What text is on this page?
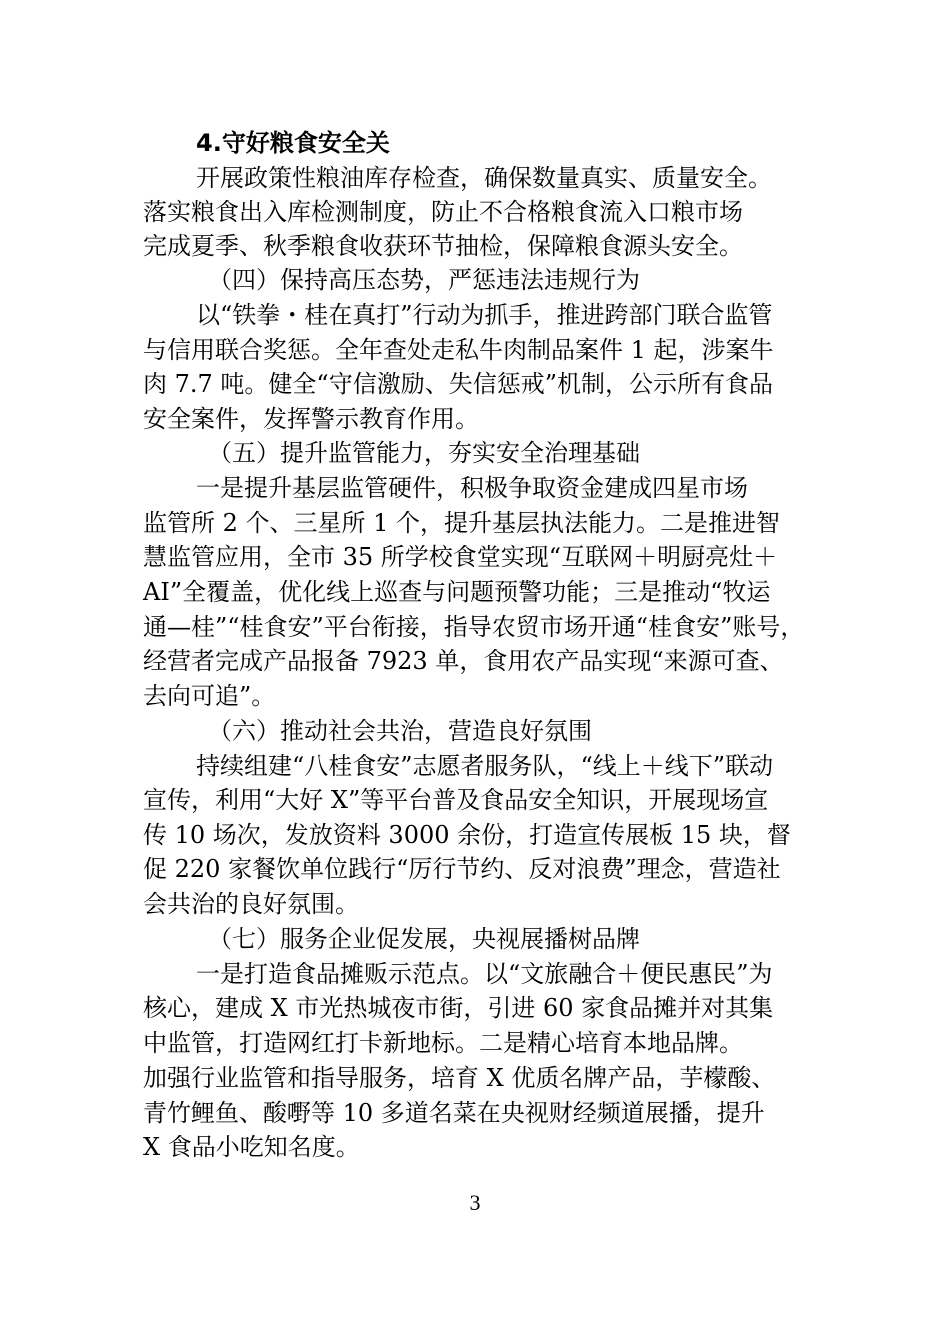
4.守好粮食安全关
开展政策性粮油库存检查，确保数量真实、质量安全。
落实粮食出入库检测制度，防止不合格粮食流入口粮市场
完成夏季、秋季粮食收获环节抽检，保障粮食源头安全。
（四）保持高压态势，严惩违法违规行为
以“铁拳・桂在真打”行动为抓手，推进跨部门联合监管
与信用联合奖惩。全年查处走私牛肉制品案件 1 起，涉案牛
肉 7.7 吨。健全“守信激励、失信惩戒”机制，公示所有食品
安全案件，发挥警示教育作用。
（五）提升监管能力，夯实安全治理基础
一是提升基层监管硬件，积极争取资金建成四星市场
监管所 2 个、三星所 1 个，提升基层执法能力。二是推进智
慧监管应用，全市 35 所学校食堂实现“互联网＋明厨亮灶＋
AI”全覆盖，优化线上巡查与问题预警功能；三是推动“牧运
通—桂”“桂食安”平台衔接，指导农贸市场开通“桂食安”账号，
经营者完成产品报备 7923 单，食用农产品实现“来源可查、
去向可追”。
（六）推动社会共治，营造良好氛围
持续组建“八桂食安”志愿者服务队，“线上＋线下”联动
宣传，利用“大好 X”等平台普及食品安全知识，开展现场宣
传 10 场次，发放资料 3000 余份，打造宣传展板 15 块，督
促 220 家餐饮单位践行“厉行节约、反对浪费”理念，营造社
会共治的良好氛围。
（七）服务企业促发展，央视展播树品牌
一是打造食品摊贩示范点。以“文旅融合＋便民惠民”为
核心，建成 X 市光热城夜市街，引进 60 家食品摊并对其集
中监管，打造网红打卡新地标。二是精心培育本地品牌。
加强行业监管和指导服务，培育 X 优质名牌产品，芋檬酸、
青竹鲤鱼、酸嘢等 10 多道名菜在央视财经频道展播，提升
X 食品小吃知名度。
3
